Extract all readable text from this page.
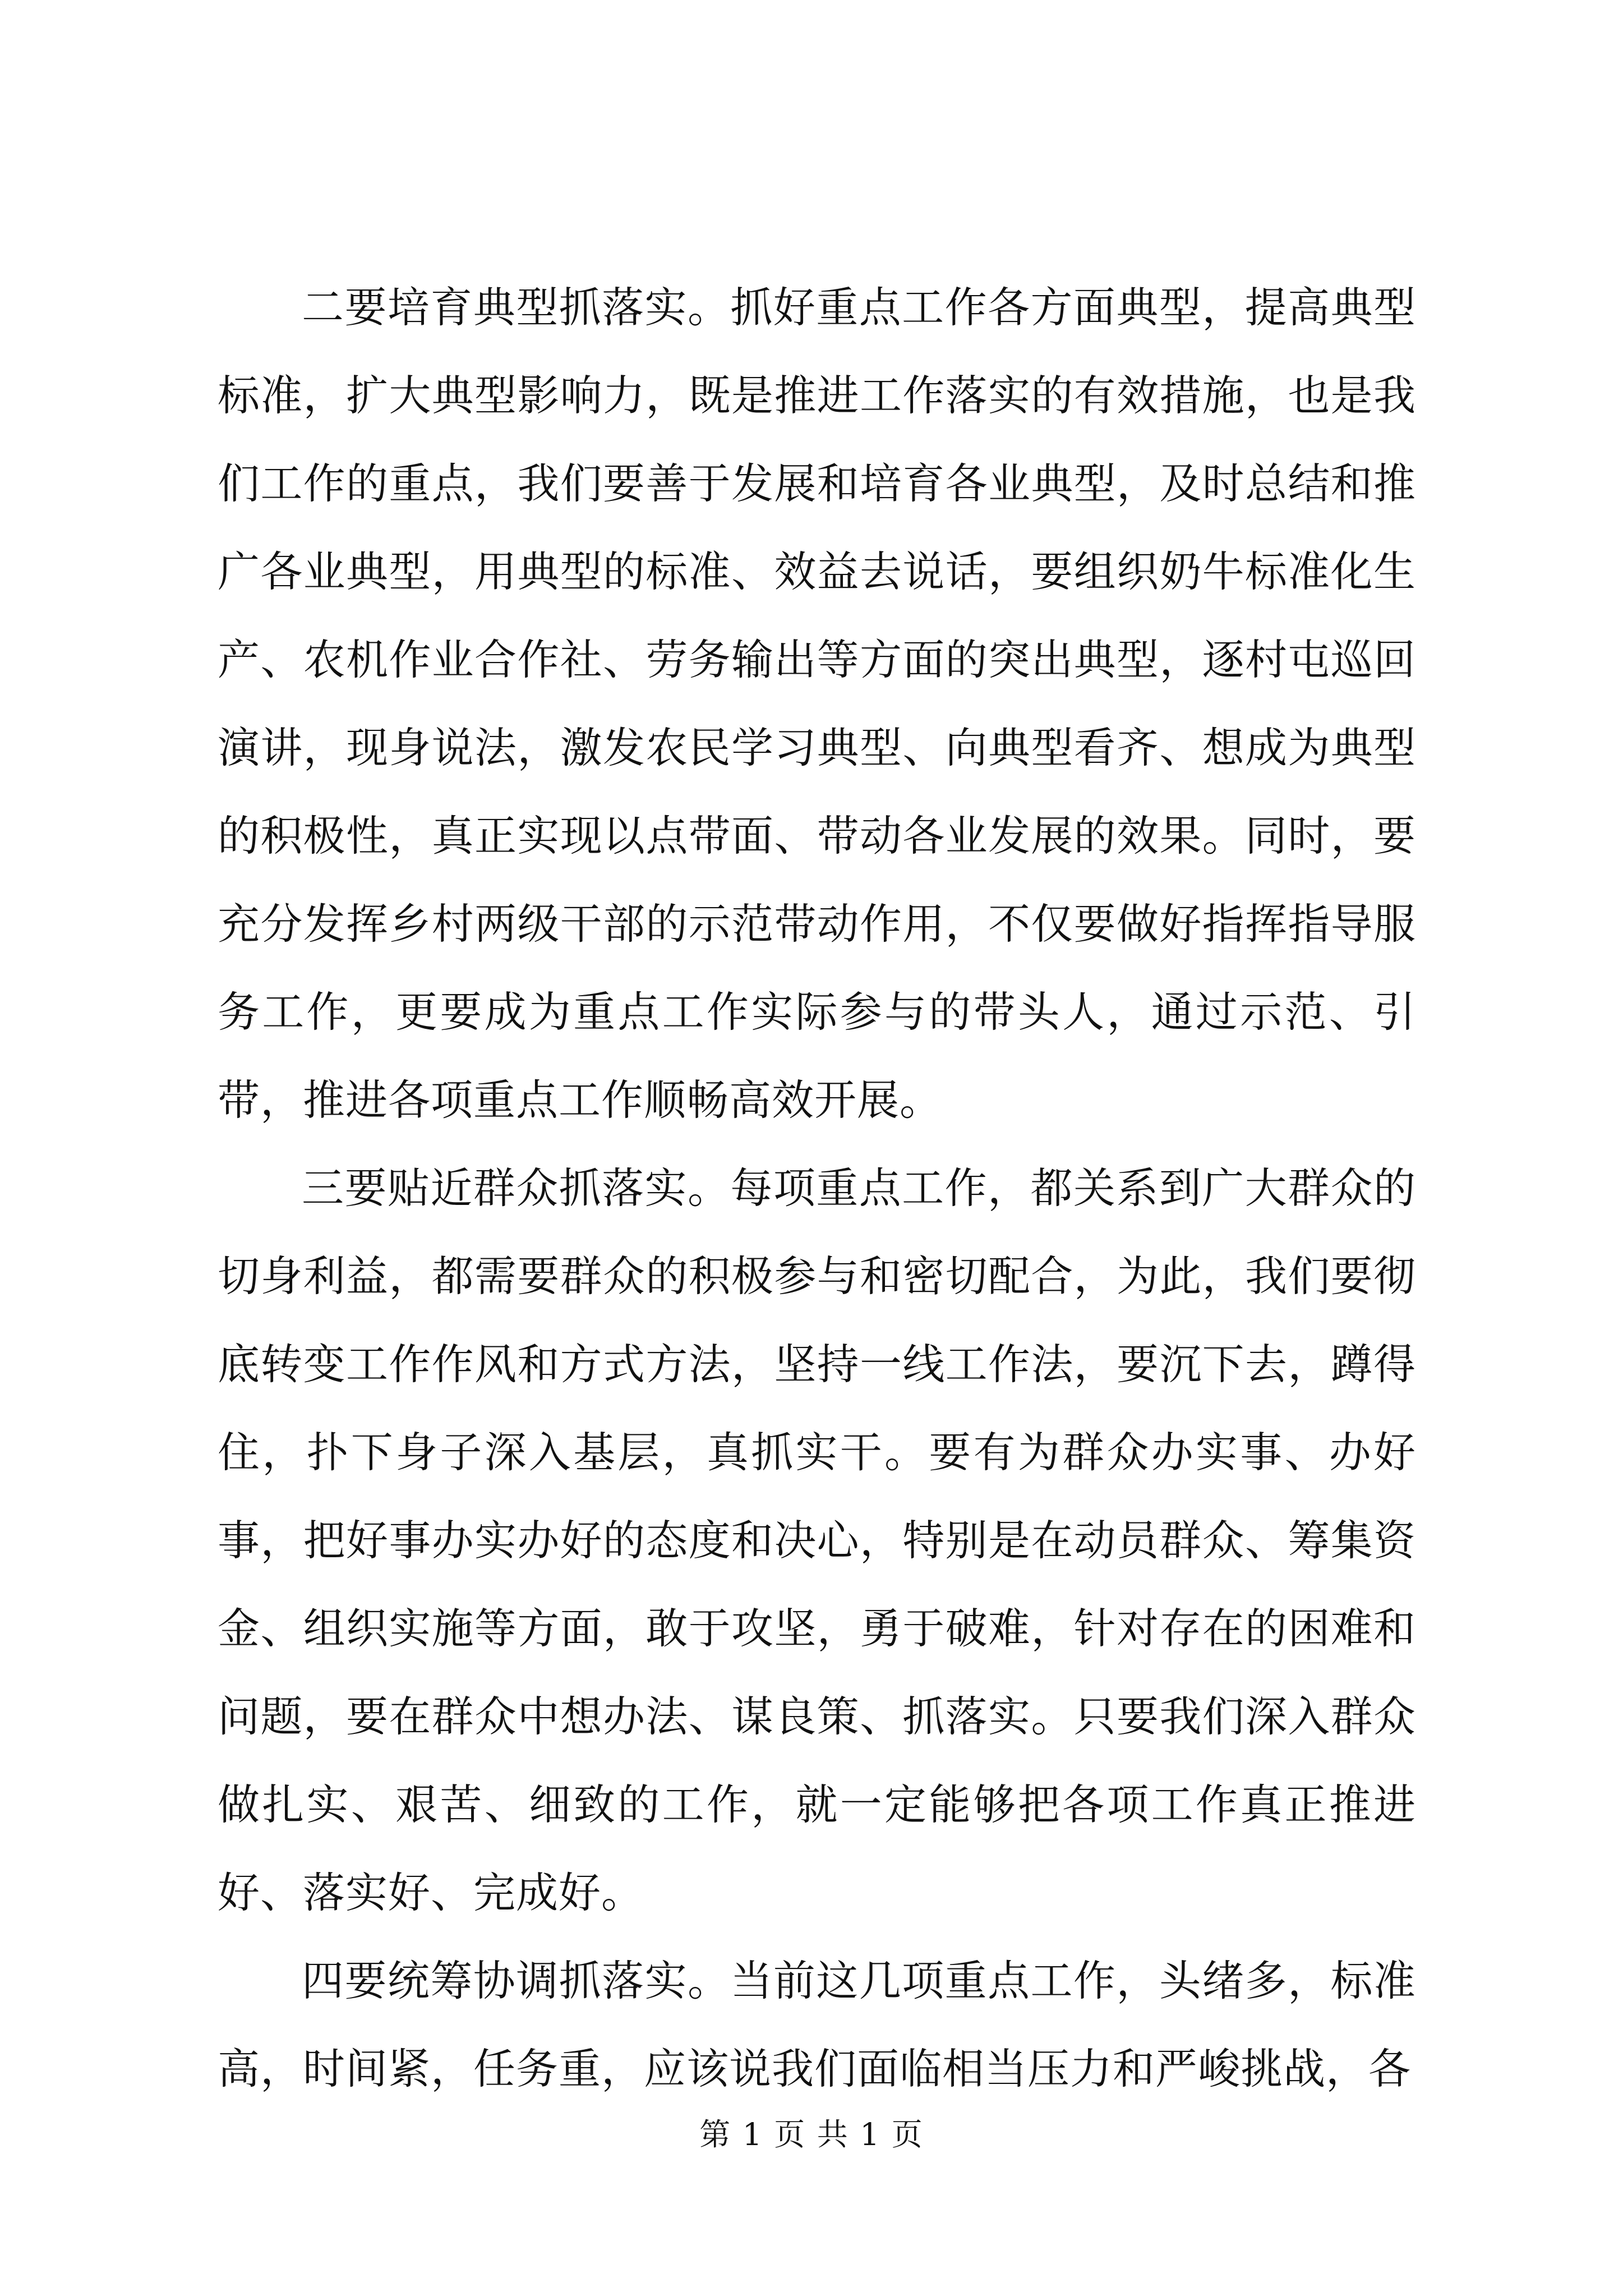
二要培育典型抓落实。抓好重点工作各方面典型，提高典型标准，扩大典型影响力，既是推进工作落实的有效措施，也是我们工作的重点，我们要善于发展和培育各业典型，及时总结和推广各业典型，用典型的标准、效益去说话，要组织奶牛标准化生产、农机作业合作社、劳务输出等方面的突出典型，逐村屯巡回演讲，现身说法，激发农民学习典型、向典型看齐、想成为典型的积极性，真正实现以点带面、带动各业发展的效果。同时，要充分发挥乡村两级干部的示范带动作用，不仅要做好指挥指导服务工作，更要成为重点工作实际参与的带头人，通过示范、引带，推进各项重点工作顺畅高效开展。

三要贴近群众抓落实。每项重点工作，都关系到广大群众的切身利益，都需要群众的积极参与和密切配合，为此，我们要彻底转变工作作风和方式方法，坚持一线工作法，要沉下去，蹲得住，扑下身子深入基层，真抓实干。要有为群众办实事、办好事，把好事办实办好的态度和决心，特别是在动员群众、筹集资金、组织实施等方面，敢于攻坚，勇于破难，针对存在的困难和问题，要在群众中想办法、谋良策、抓落实。只要我们深入群众做扎实、艰苦、细致的工作，就一定能够把各项工作真正推进好、落实好、完成好。

四要统筹协调抓落实。当前这几项重点工作，头绪多，标准高，时间紧，任务重，应该说我们面临相当压力和严峻挑战，各

第 1 页 共 1 页
